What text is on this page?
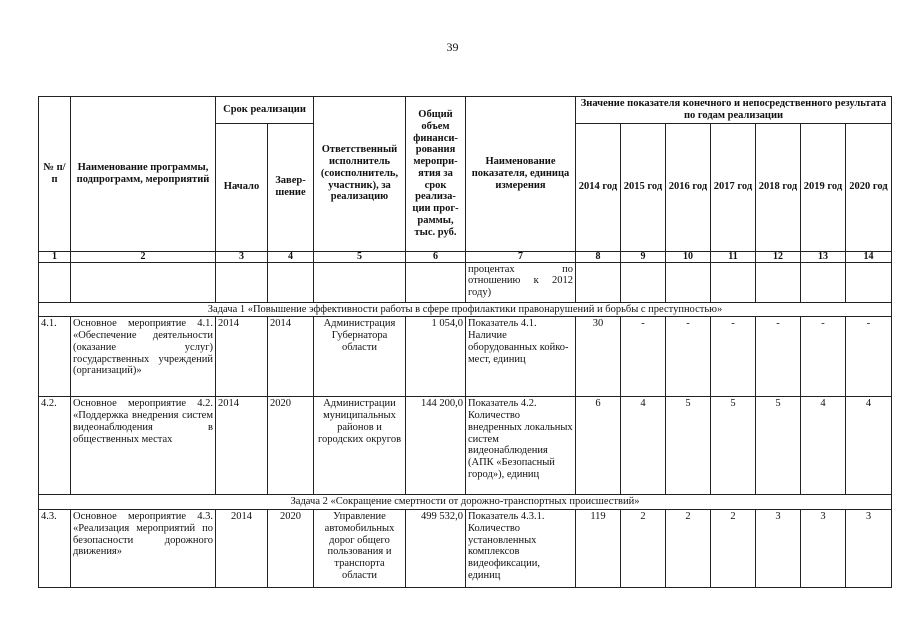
39
№ п/п	Наименование программы, подпрограмм, мероприятий	Срок реализации		Ответственный исполнитель (соисполнитель, участник), за реализацию	Общий объем финанси-рования меропри-ятия за срок реализа-ции прог-раммы, тыс. руб.	Наименование показателя, единица измерения	Значение показателя конечного и непосредственного результата по годам реализации						
		Начало	Завер-шение				2014 год	2015 год	2016 год	2017 год	2018 год	2019 год	2020 год
1	2	3	4	5	6	7	8	9	10	11	12	13	14
						процентах по отношению к 2012 году)							
Задача 1 «Повышение эффективности работы в сфере профилактики правонарушений и борьбы с преступностью»													
4.1.	Основное мероприятие 4.1. «Обеспечение деятельности (оказание услуг) государственных учреждений (организаций)»	2014	2014	Администрация Губернатора области	1 054,0	Показатель 4.1. Наличие оборудованных койко-мест, единиц	30	-	-	-	-	-	-
4.2.	Основное мероприятие 4.2. «Поддержка внедрения систем видеонаблюдения в общественных местах	2014	2020	Администрации муниципальных районов и городских округов	144 200,0	Показатель 4.2. Количество внедренных локальных систем видеонаблюдения (АПК «Безопасный город»), единиц	6	4	5	5	5	4	4
Задача 2 «Сокращение смертности от дорожно-транспортных происшествий»													
4.3.	Основное мероприятие 4.3. «Реализация мероприятий по безопасности дорожного движения»	2014	2020	Управление автомобильных дорог общего пользования и транспорта области	499 532,0	Показатель 4.3.1. Количество установленных комплексов видеофиксации, единиц	119	2	2	2	3	3	3
